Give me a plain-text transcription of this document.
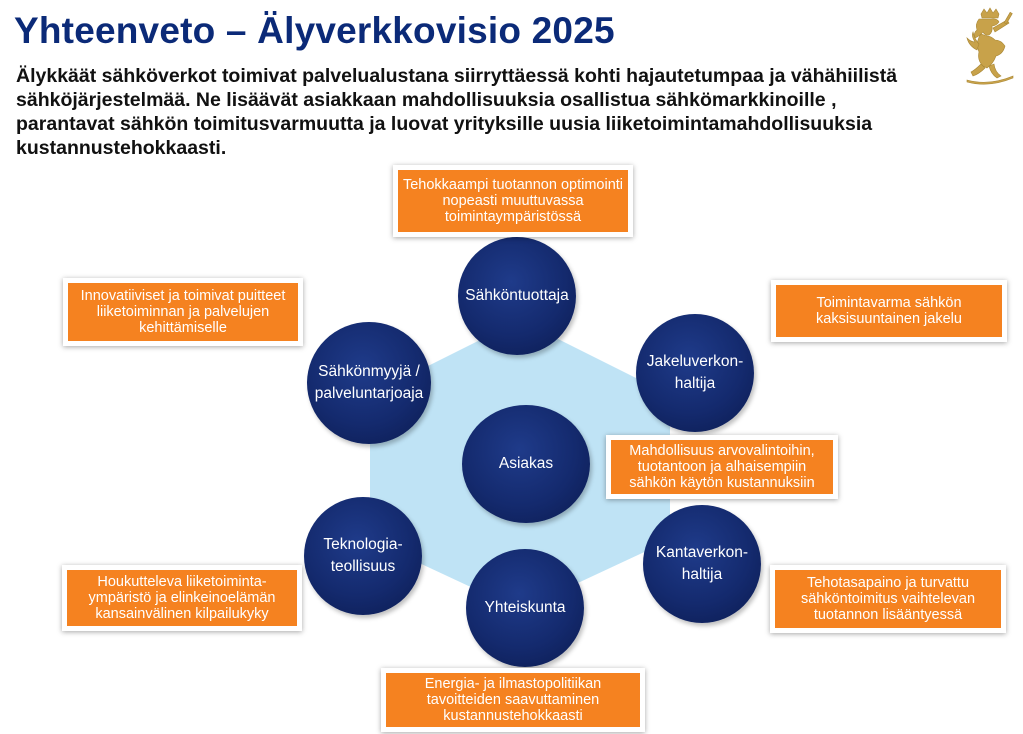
Yhteenveto – Älyverkkovisio 2025
Älykkäät sähköverkot toimivat palvelualustana siirryttäessä kohti hajautetumpaa ja vähähiilistä sähköjärjestelmää. Ne lisäävät asiakkaan mahdollisuuksia osallistua sähkömarkkinoille , parantavat sähkön toimitusvarmuutta ja luovat yrityksille uusia liiketoimintamahdollisuuksia kustannustehokkaasti.
Sähköntuottaja
Jakeluverkon-haltija
Kantaverkon-haltija
Yhteiskunta
Teknologia-teollisuus
Sähkönmyyjä / palveluntarjoaja
Asiakas
Tehokkaampi tuotannon optimointi nopeasti muuttuvassa toimintaympäristössä
Toimintavarma sähkön kaksisuuntainen jakelu
Mahdollisuus arvovalintoihin, tuotantoon ja alhaisempiin sähkön käytön kustannuksiin
Tehotasapaino ja turvattu sähköntoimitus vaihtelevan tuotannon lisääntyessä
Energia- ja ilmastopolitiikan tavoitteiden saavuttaminen kustannustehokkaasti
Houkutteleva liiketoiminta-ympäristö ja elinkeinoelämän kansainvälinen kilpailukyky
Innovatiiviset ja toimivat puitteet liiketoiminnan ja palvelujen kehittämiselle
